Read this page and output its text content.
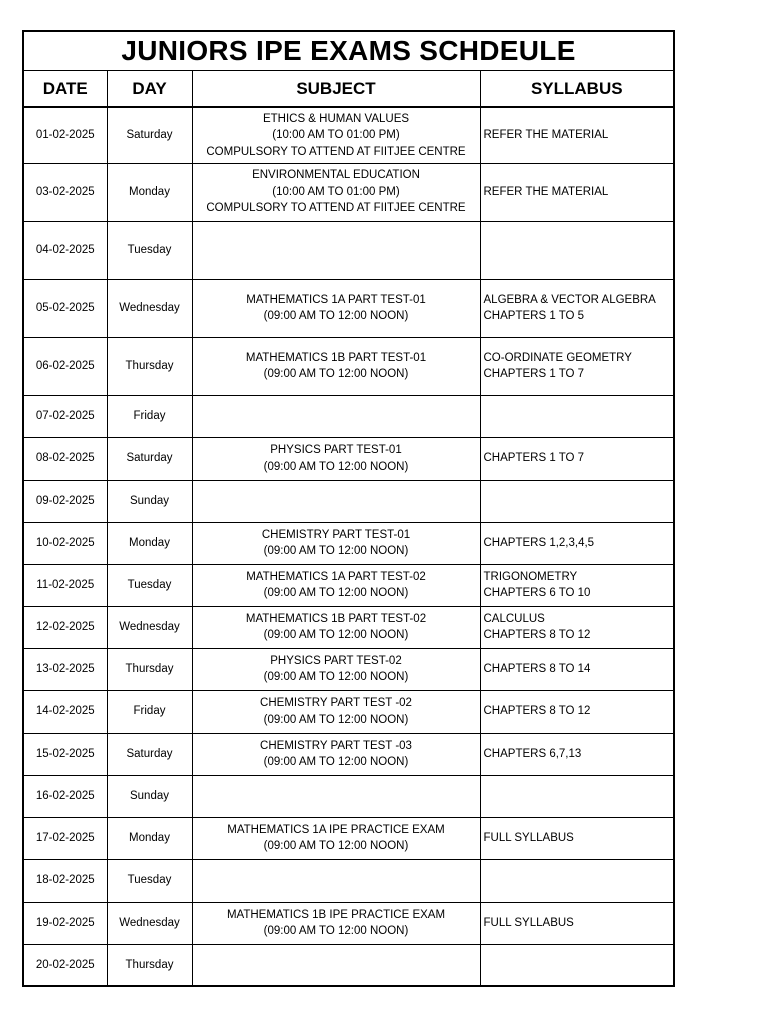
JUNIORS IPE EXAMS SCHDEULE			
DATE	DAY	SUBJECT	SYLLABUS
01-02-2025	Saturday	ETHICS & HUMAN VALUES
(10:00 AM TO 01:00 PM)
COMPULSORY TO ATTEND AT FIITJEE CENTRE	REFER THE MATERIAL

03-02-2025	Monday	ENVIRONMENTAL EDUCATION
(10:00 AM TO 01:00 PM)
COMPULSORY TO ATTEND AT FIITJEE CENTRE	REFER THE MATERIAL

04-02-2025	Tuesday		
05-02-2025	Wednesday	MATHEMATICS 1A PART TEST-01
(09:00 AM TO 12:00 NOON)	ALGEBRA & VECTOR ALGEBRA
CHAPTERS 1 TO 5

06-02-2025	Thursday	MATHEMATICS 1B PART TEST-01
(09:00 AM TO 12:00 NOON)	CO-ORDINATE GEOMETRY
CHAPTERS 1 TO 7

07-02-2025	Friday		
08-02-2025	Saturday	PHYSICS PART TEST-01
(09:00 AM TO 12:00 NOON)	CHAPTERS 1 TO 7

09-02-2025	Sunday		
10-02-2025	Monday	CHEMISTRY PART TEST-01
(09:00 AM TO 12:00 NOON)	CHAPTERS 1,2,3,4,5

11-02-2025	Tuesday	MATHEMATICS 1A PART TEST-02
(09:00 AM TO 12:00 NOON)	TRIGONOMETRY
CHAPTERS 6 TO 10

12-02-2025	Wednesday	MATHEMATICS 1B PART TEST-02
(09:00 AM TO 12:00 NOON)	CALCULUS
CHAPTERS 8 TO 12

13-02-2025	Thursday	PHYSICS PART TEST-02
(09:00 AM TO 12:00 NOON)	CHAPTERS 8 TO 14

14-02-2025	Friday	CHEMISTRY PART TEST -02
(09:00 AM TO 12:00 NOON)	CHAPTERS 8 TO 12

15-02-2025	Saturday	CHEMISTRY PART TEST -03
(09:00 AM TO 12:00 NOON)	CHAPTERS 6,7,13

16-02-2025	Sunday		
17-02-2025	Monday	MATHEMATICS 1A IPE PRACTICE EXAM
(09:00 AM TO 12:00 NOON)	FULL SYLLABUS

18-02-2025	Tuesday		
19-02-2025	Wednesday	MATHEMATICS 1B IPE PRACTICE EXAM
(09:00 AM TO 12:00 NOON)	FULL SYLLABUS

20-02-2025	Thursday		
